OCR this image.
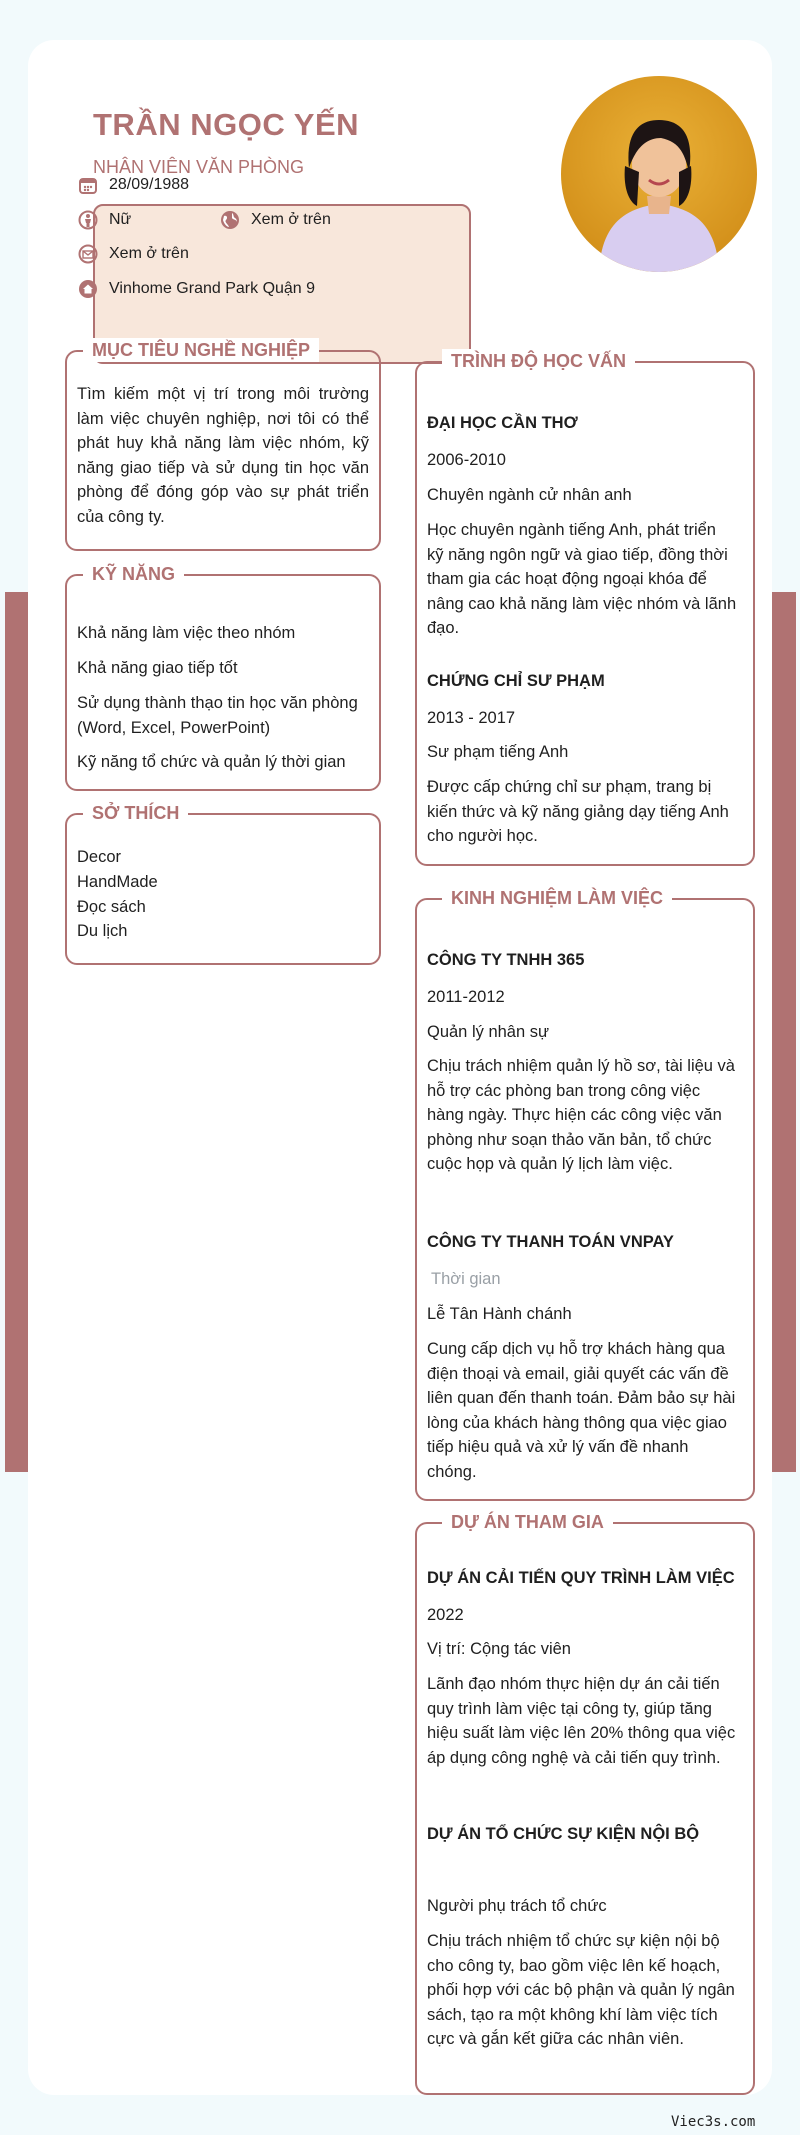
TRẦN NGỌC YẾN
NHÂN VIÊN VĂN PHÒNG
28/09/1988
Nữ	Xem ở trên
Xem ở trên
Vinhome Grand Park Quận 9
MỤC TIÊU NGHỀ NGHIỆP
Tìm kiếm một vị trí trong môi trường làm việc chuyên nghiệp, nơi tôi có thể phát huy khả năng làm việc nhóm, kỹ năng giao tiếp và sử dụng tin học văn phòng để đóng góp vào sự phát triển của công ty.
KỸ NĂNG
Khả năng làm việc theo nhóm
Khả năng giao tiếp tốt
Sử dụng thành thạo tin học văn phòng (Word, Excel, PowerPoint)
Kỹ năng tổ chức và quản lý thời gian
SỞ THÍCH
Decor
HandMade
Đọc sách
Du lịch
TRÌNH ĐỘ HỌC VẤN
ĐẠI HỌC CẦN THƠ
2006-2010
Chuyên ngành cử nhân anh
Học chuyên ngành tiếng Anh, phát triển kỹ năng ngôn ngữ và giao tiếp, đồng thời tham gia các hoạt động ngoại khóa để nâng cao khả năng làm việc nhóm và lãnh đạo.
CHỨNG CHỈ SƯ PHẠM
2013 - 2017
Sư phạm tiếng Anh
Được cấp chứng chỉ sư phạm, trang bị kiến thức và kỹ năng giảng dạy tiếng Anh cho người học.
KINH NGHIỆM LÀM VIỆC
CÔNG TY TNHH 365
2011-2012
Quản lý nhân sự
Chịu trách nhiệm quản lý hồ sơ, tài liệu và hỗ trợ các phòng ban trong công việc hàng ngày. Thực hiện các công việc văn phòng như soạn thảo văn bản, tổ chức cuộc họp và quản lý lịch làm việc.
CÔNG TY THANH TOÁN VNPAY
Thời gian
Lễ Tân Hành chánh
Cung cấp dịch vụ hỗ trợ khách hàng qua điện thoại và email, giải quyết các vấn đề liên quan đến thanh toán. Đảm bảo sự hài lòng của khách hàng thông qua việc giao tiếp hiệu quả và xử lý vấn đề nhanh chóng.
DỰ ÁN THAM GIA
DỰ ÁN CẢI TIẾN QUY TRÌNH LÀM VIỆC
2022
Vị trí: Cộng tác viên
Lãnh đạo nhóm thực hiện dự án cải tiến quy trình làm việc tại công ty, giúp tăng hiệu suất làm việc lên 20% thông qua việc áp dụng công nghệ và cải tiến quy trình.
DỰ ÁN TỔ CHỨC SỰ KIỆN NỘI BỘ
Người phụ trách tổ chức
Chịu trách nhiệm tổ chức sự kiện nội bộ cho công ty, bao gồm việc lên kế hoạch, phối hợp với các bộ phận và quản lý ngân sách, tạo ra một không khí làm việc tích cực và gắn kết giữa các nhân viên.
Viec3s.com
